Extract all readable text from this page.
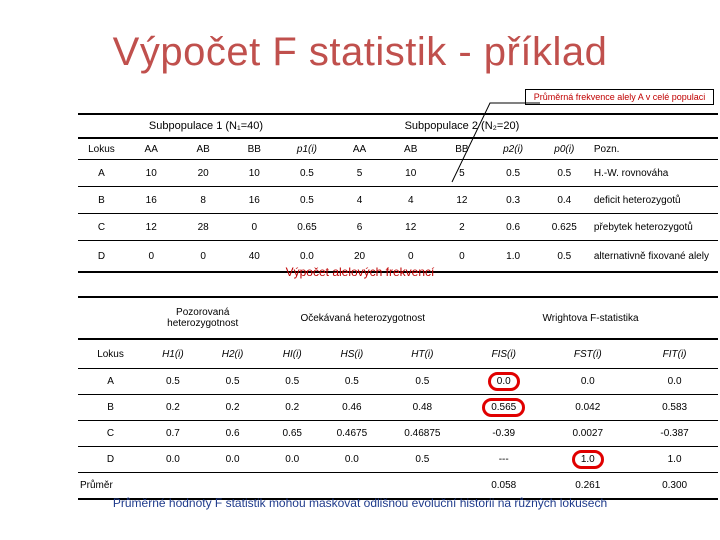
Výpočet F statistik - příklad
Průměrná frekvence alely A v celé populaci
Subpopulace 1 (N₁=40)					Subpopulace 2 (N₂=20)					
Lokus	AA	AB	BB	p1(i)	AA	AB	BB	p2(i)	p0(i)	Pozn.
A	10	20	10	0.5	5	10	5	0.5	0.5	H.-W. rovnováha
B	16	8	16	0.5	4	4	12	0.3	0.4	deficit heterozygotů
C	12	28	0	0.65	6	12	2	0.6	0.625	přebytek heterozygotů
D	0	0	40	0.0	20	0	0	1.0	0.5	alternativně fixované alely
Výpočet alelových frekvencí
	Pozorovaná heterozygotnost		Očekávaná heterozygotnost			Wrightova F-statistika		
Lokus	H1(i)	H2(i)	HI(i)	HS(i)	HT(i)	FIS(i)	FST(i)	FIT(i)
A	0.5	0.5	0.5	0.5	0.5	0.0	0.0	0.0
B	0.2	0.2	0.2	0.46	0.48	0.565	0.042	0.583
C	0.7	0.6	0.65	0.4675	0.46875	-0.39	0.0027	-0.387
D	0.0	0.0	0.0	0.0	0.5	---	1.0	1.0
Průměr						0.058	0.261	0.300
Průměrné hodnoty F statistik mohou maskovat odlišnou evoluční historii na různých lokusech
